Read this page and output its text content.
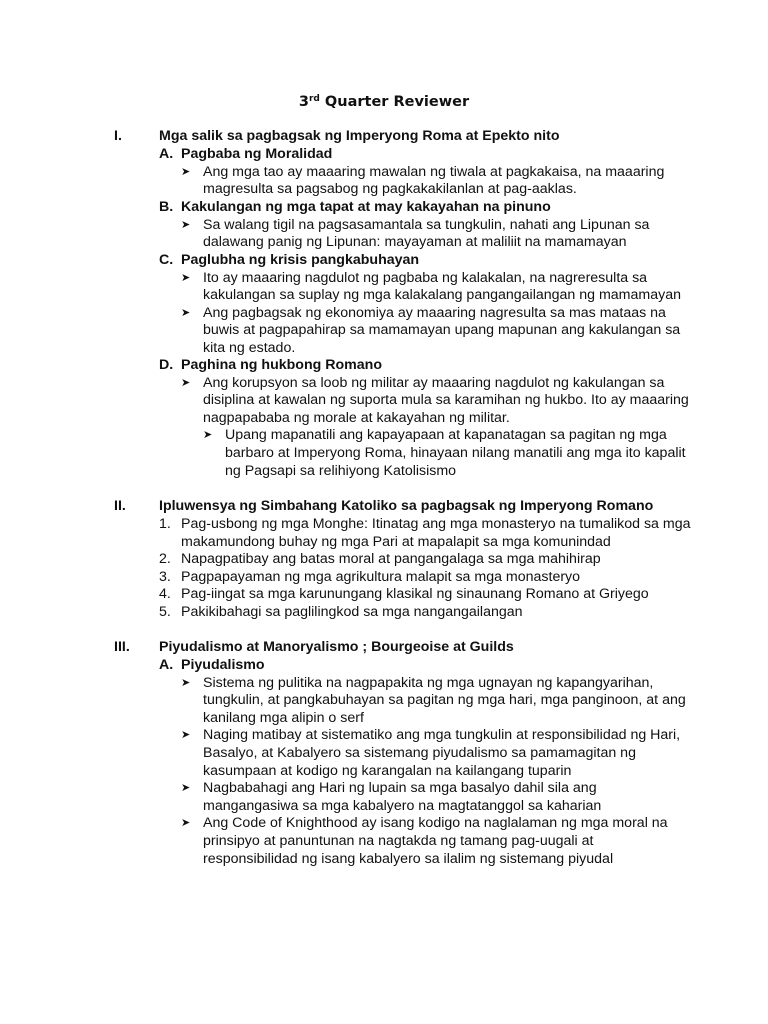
3rd Quarter Reviewer
I.	Mga salik sa pagbagsak ng Imperyong Roma at Epekto nito
A. Pagbaba ng Moralidad
➤ Ang mga tao ay maaaring mawalan ng tiwala at pagkakaisa, na maaaring
magresulta sa pagsabog ng pagkakakilanlan at pag-aaklas.
B. Kakulangan ng mga tapat at may kakayahan na pinuno
➤ Sa walang tigil na pagsasamantala sa tungkulin, nahati ang Lipunan sa
dalawang panig ng Lipunan: mayayaman at maliliit na mamamayan
C. Paglubha ng krisis pangkabuhayan
➤ Ito ay maaaring nagdulot ng pagbaba ng kalakalan, na nagreresulta sa
kakulangan sa suplay ng mga kalakalang pangangailangan ng mamamayan
➤ Ang pagbagsak ng ekonomiya ay maaaring nagresulta sa mas mataas na
buwis at pagpapahirap sa mamamayan upang mapunan ang kakulangan sa
kita ng estado.
D. Paghina ng hukbong Romano
➤ Ang korupsyon sa loob ng militar ay maaaring nagdulot ng kakulangan sa
disiplina at kawalan ng suporta mula sa karamihan ng hukbo. Ito ay maaaring
nagpapababa ng morale at kakayahan ng militar.
➤ Upang mapanatili ang kapayapaan at kapanatagan sa pagitan ng mga
barbaro at Imperyong Roma, hinayaan nilang manatili ang mga ito kapalit
ng Pagsapi sa relihiyong Katolisismo
II. Ipluwensya ng Simbahang Katoliko sa pagbagsak ng Imperyong Romano
1. Pag-usbong ng mga Monghe: Itinatag ang mga monasteryo na tumalikod sa mga
makamundong buhay ng mga Pari at mapalapit sa mga komunindad
2. Napagpatibay ang batas moral at pangangalaga sa mga mahihirap
3. Pagpapayaman ng mga agrikultura malapit sa mga monasteryo
4. Pag-iingat sa mga karunungang klasikal ng sinaunang Romano at Griyego
5. Pakikibahagi sa paglilingkod sa mga nangangailangan
III. Piyudalismo at Manoryalismo ; Bourgeoise at Guilds
A. Piyudalismo
➤ Sistema ng pulitika na nagpapakita ng mga ugnayan ng kapangyarihan,
tungkulin, at pangkabuhayan sa pagitan ng mga hari, mga panginoon, at ang
kanilang mga alipin o serf
➤ Naging matibay at sistematiko ang mga tungkulin at responsibilidad ng Hari,
Basalyo, at Kabalyero sa sistemang piyudalismo sa pamamagitan ng
kasumpaan at kodigo ng karangalan na kailangang tuparin
➤ Nagbabahagi ang Hari ng lupain sa mga basalyo dahil sila ang
mangangasiwa sa mga kabalyero na magtatanggol sa kaharian
➤ Ang Code of Knighthood ay isang kodigo na naglalaman ng mga moral na
prinsipyo at panuntunan na nagtakda ng tamang pag-uugali at
responsibilidad ng isang kabalyero sa ilalim ng sistemang piyudal
